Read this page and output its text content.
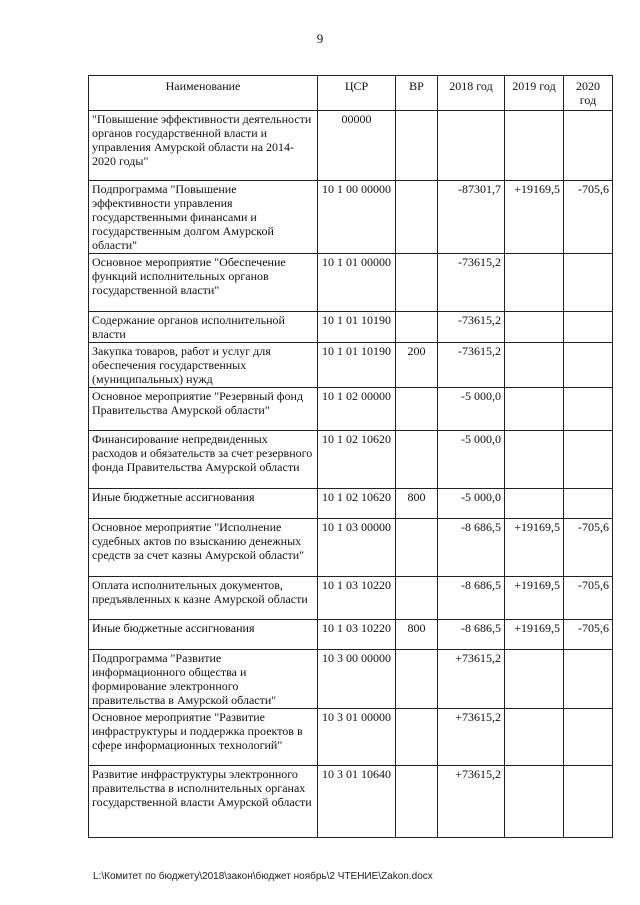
9
Наименование	ЦСР	ВР	2018 год	2019 год	2020 год
"Повышение эффективности деятельности органов государственной власти и управления Амурской области на 2014-2020 годы"	00000				
Подпрограмма "Повышение эффективности управления государственными финансами и государственным долгом Амурской области"	10 1 00 00000		-87301,7	+19169,5	-705,6
Основное мероприятие "Обеспечение функций исполнительных органов государственной власти"	10 1 01 00000		-73615,2		
Содержание органов исполнительной власти	10 1 01 10190		-73615,2		
Закупка товаров, работ и услуг для обеспечения государственных (муниципальных) нужд	10 1 01 10190	200	-73615,2		
Основное мероприятие "Резервный фонд Правительства Амурской области"	10 1 02 00000		-5 000,0		
Финансирование непредвиденных расходов и обязательств за счет резервного фонда Правительства Амурской области	10 1 02 10620		-5 000,0		
Иные бюджетные ассигнования	10 1 02 10620	800	-5 000,0		
Основное мероприятие "Исполнение судебных актов по взысканию денежных средств за счет казны Амурской области"	10 1 03 00000		-8 686,5	+19169,5	-705,6
Оплата исполнительных документов, предъявленных к казне Амурской области	10 1 03 10220		-8 686,5	+19169,5	-705,6
Иные бюджетные ассигнования	10 1 03 10220	800	-8 686,5	+19169,5	-705,6
Подпрограмма "Развитие информационного общества и формирование электронного правительства в Амурской области"	10 3 00 00000		+73615,2		
Основное мероприятие "Развитие инфраструктуры и поддержка проектов в сфере информационных технологий"	10 3 01 00000		+73615,2		
Развитие инфраструктуры электронного правительства в исполнительных органах государственной власти Амурской области	10 3 01 10640		+73615,2		
L:\Комитет по бюджету\2018\закон\бюджет ноябрь\2 ЧТЕНИЕ\Zakon.docx
